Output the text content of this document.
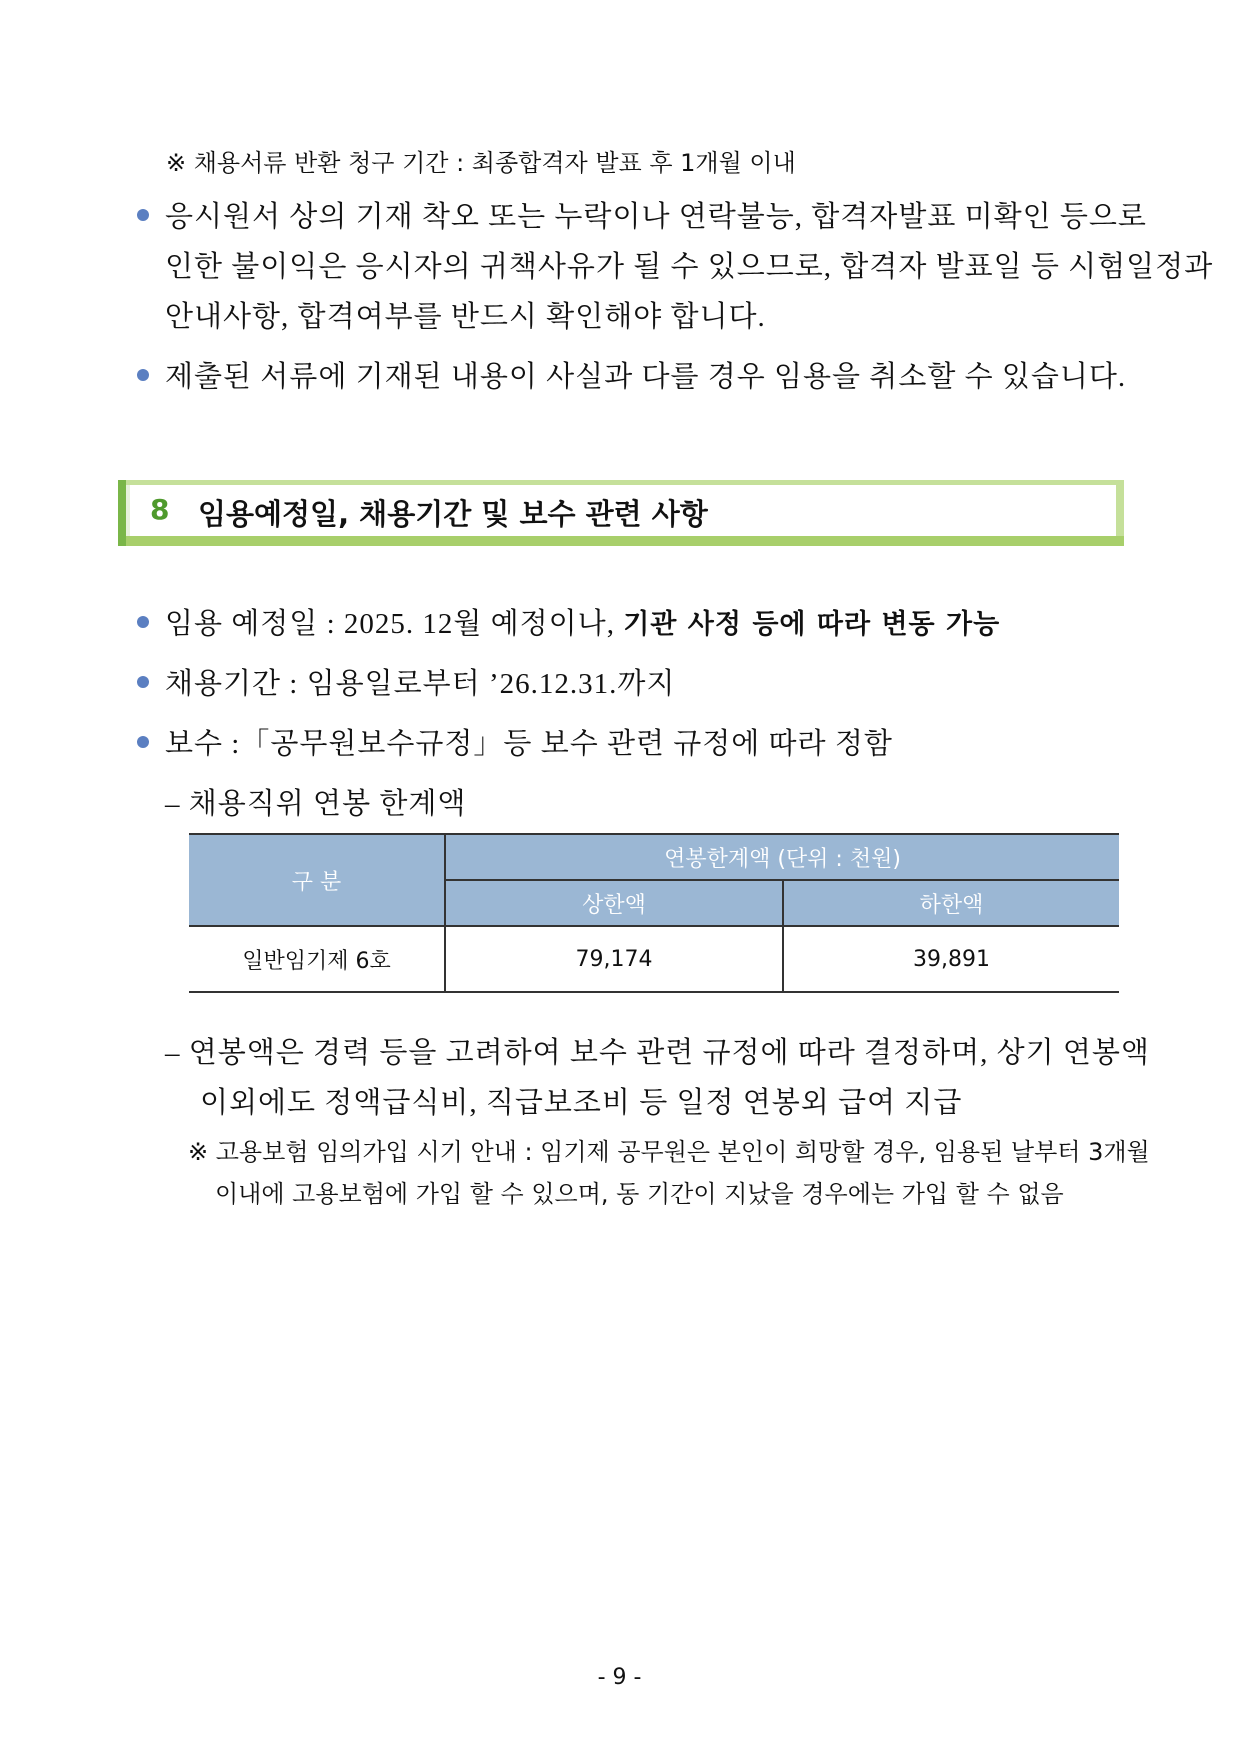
※ 채용서류 반환 청구 기간 : 최종합격자 발표 후 1개월 이내
응시원서 상의 기재 착오 또는 누락이나 연락불능, 합격자발표 미확인 등으로
인한 불이익은 응시자의 귀책사유가 될 수 있으므로, 합격자 발표일 등 시험일정과
안내사항, 합격여부를 반드시 확인해야 합니다.
제출된 서류에 기재된 내용이 사실과 다를 경우 임용을 취소할 수 있습니다.
8 임용예정일, 채용기간 및 보수 관련 사항
임용 예정일 : 2025. 12월 예정이나, 기관 사정 등에 따라 변동 가능
채용기간 : 임용일로부터 ’26.12.31.까지
보수 :「공무원보수규정」등 보수 관련 규정에 따라 정함
– 채용직위 연봉 한계액
구 분	연봉한계액 (단위 : 천원)	
	상한액	하한액
일반임기제 6호	79,174	39,891
– 연봉액은 경력 등을 고려하여 보수 관련 규정에 따라 결정하며, 상기 연봉액
이외에도 정액급식비, 직급보조비 등 일정 연봉외 급여 지급
※ 고용보험 임의가입 시기 안내 : 임기제 공무원은 본인이 희망할 경우, 임용된 날부터 3개월
이내에 고용보험에 가입 할 수 있으며, 동 기간이 지났을 경우에는 가입 할 수 없음
- 9 -
